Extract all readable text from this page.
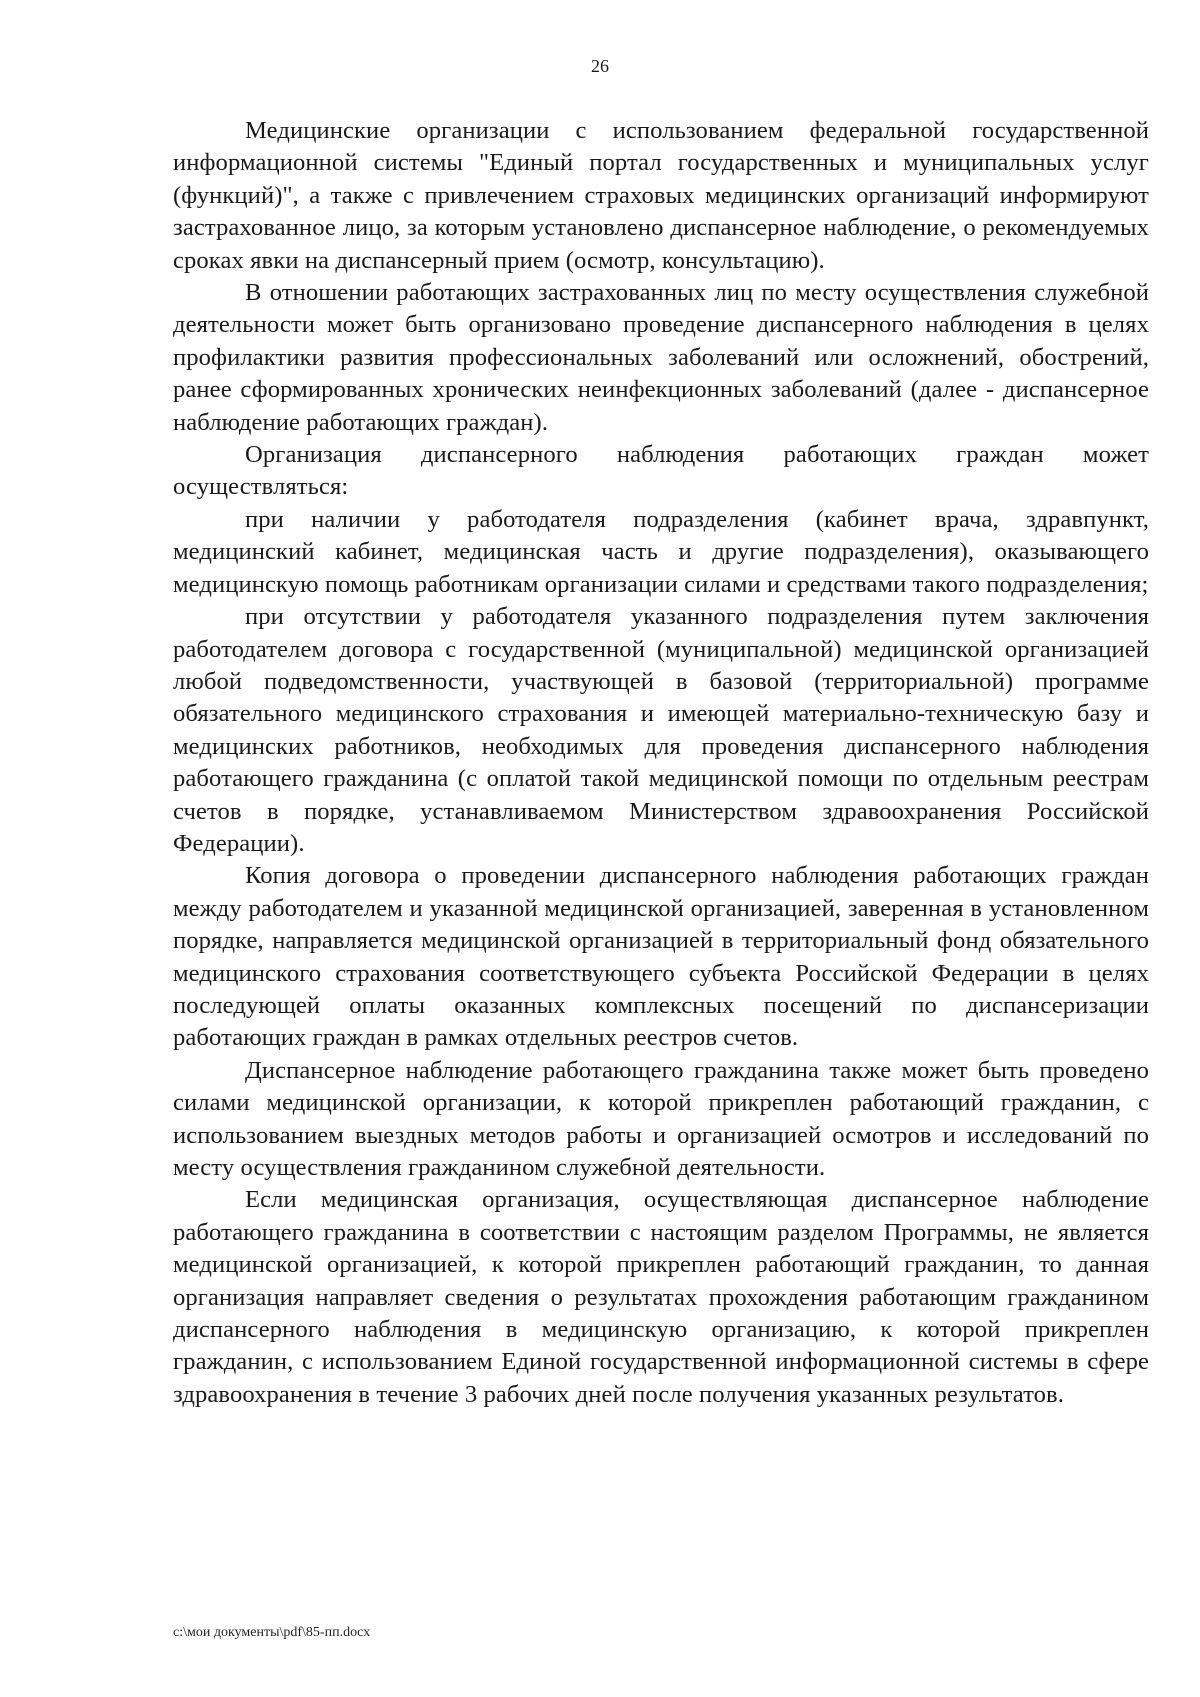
26

Медицинские организации с использованием федеральной государственной информационной системы "Единый портал государственных и муниципальных услуг (функций)", а также с привлечением страховых медицинских организаций информируют застрахованное лицо, за которым установлено диспансерное наблюдение, о рекомендуемых сроках явки на диспансерный прием (осмотр, консультацию).

В отношении работающих застрахованных лиц по месту осуществления служебной деятельности может быть организовано проведение диспансерного наблюдения в целях профилактики развития профессиональных заболеваний или осложнений, обострений, ранее сформированных хронических неинфекционных заболеваний (далее - диспансерное наблюдение работающих граждан).

Организация диспансерного наблюдения работающих граждан может осуществляться:

при наличии у работодателя подразделения (кабинет врача, здравпункт, медицинский кабинет, медицинская часть и другие подразделения), оказывающего медицинскую помощь работникам организации силами и средствами такого подразделения;

при отсутствии у работодателя указанного подразделения путем заключения работодателем договора с государственной (муниципальной) медицинской организацией любой подведомственности, участвующей в базовой (территориальной) программе обязательного медицинского страхования и имеющей материально-техническую базу и медицинских работников, необходимых для проведения диспансерного наблюдения работающего гражданина (с оплатой такой медицинской помощи по отдельным реестрам счетов в порядке, устанавливаемом Министерством здравоохранения Российской Федерации).

Копия договора о проведении диспансерного наблюдения работающих граждан между работодателем и указанной медицинской организацией, заверенная в установленном порядке, направляется медицинской организацией в территориальный фонд обязательного медицинского страхования соответствующего субъекта Российской Федерации в целях последующей оплаты оказанных комплексных посещений по диспансеризации работающих граждан в рамках отдельных реестров счетов.

Диспансерное наблюдение работающего гражданина также может быть проведено силами медицинской организации, к которой прикреплен работающий гражданин, с использованием выездных методов работы и организацией осмотров и исследований по месту осуществления гражданином служебной деятельности.

Если медицинская организация, осуществляющая диспансерное наблюдение работающего гражданина в соответствии с настоящим разделом Программы, не является медицинской организацией, к которой прикреплен работающий гражданин, то данная организация направляет сведения о результатах прохождения работающим гражданином диспансерного наблюдения в медицинскую организацию, к которой прикреплен гражданин, с использованием Единой государственной информационной системы в сфере здравоохранения в течение 3 рабочих дней после получения указанных результатов.

c:\мои документы\pdf\85-пп.docx
